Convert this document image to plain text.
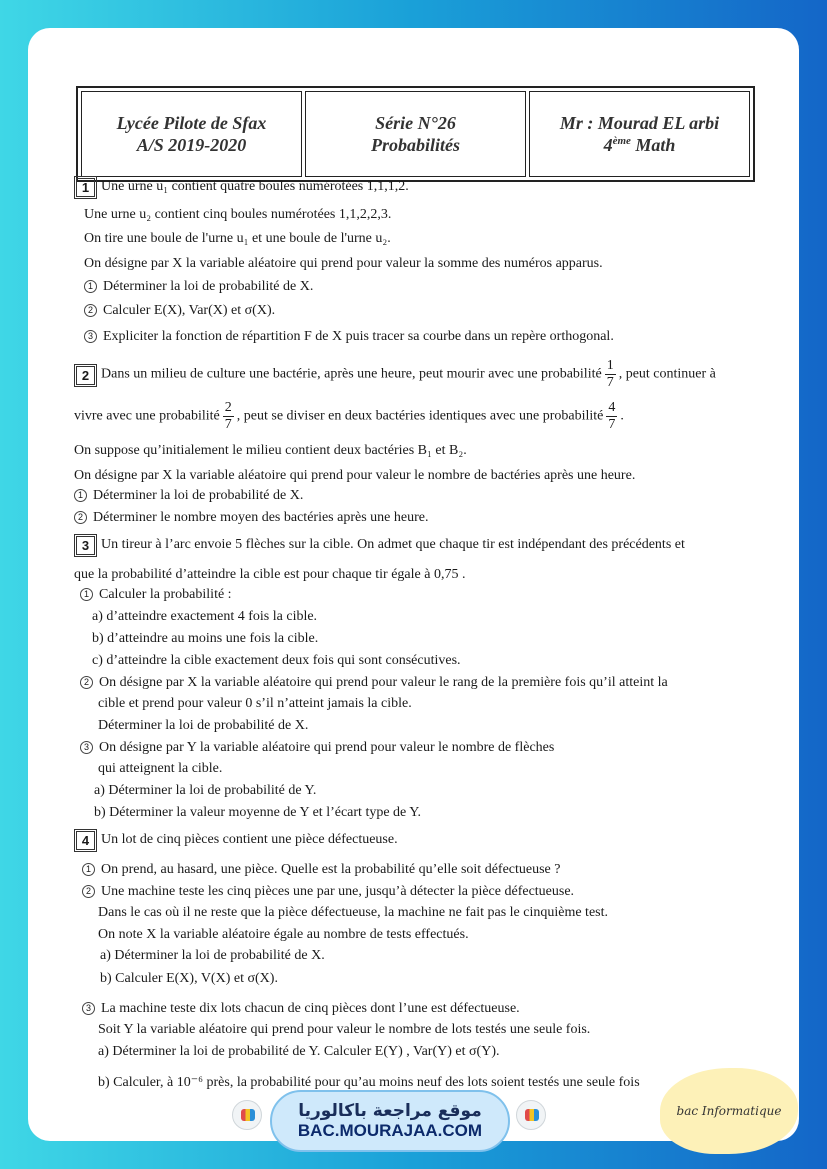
Lycée Pilote de Sfax
A/S 2019-2020
Série N°26
Probabilités
Mr : Mourad EL arbi
4ème Math
1 Une urne u₁ contient quatre boules numérotées 1,1,1,2.
Une urne u₂ contient cinq boules numérotées 1,1,2,2,3.
On tire une boule de l'urne u₁ et une boule de l'urne u₂.
On désigne par X la variable aléatoire qui prend pour valeur la somme des numéros apparus.
1 Déterminer la loi de probabilité de X.
2 Calculer E(X), Var(X) et σ(X).
3 Expliciter la fonction de répartition F de X puis tracer sa courbe dans un repère orthogonal.
2 Dans un milieu de culture une bactérie, après une heure, peut mourir avec une probabilité $\frac{1}{7}$ , peut continuer à
vivre avec une probabilité $\frac{2}{7}$ , peut se diviser en deux bactéries identiques avec une probabilité $\frac{4}{7}$ .
On suppose qu’initialement le milieu contient deux bactéries B₁ et B₂.
On désigne par X la variable aléatoire qui prend pour valeur le nombre de bactéries après une heure.
1 Déterminer la loi de probabilité de X.
2 Déterminer le nombre moyen des bactéries après une heure.
3 Un tireur à l’arc envoie 5 flèches sur la cible. On admet que chaque tir est indépendant des précédents et
que la probabilité d’atteindre la cible est pour chaque tir égale à 0,75 .
1 Calculer la probabilité :
a) d’atteindre exactement 4 fois la cible.
b) d’atteindre au moins une fois la cible.
c) d’atteindre la cible exactement deux fois qui sont consécutives.
2 On désigne par X la variable aléatoire qui prend pour valeur le rang de la première fois qu’il atteint la
cible et prend pour valeur 0 s’il n’atteint jamais la cible.
Déterminer la loi de probabilité de X.
3 On désigne par Y la variable aléatoire qui prend pour valeur le nombre de flèches
qui atteignent la cible.
a) Déterminer la loi de probabilité de Y.
b) Déterminer la valeur moyenne de Y et l’écart type de Y.
4 Un lot de cinq pièces contient une pièce défectueuse.
1 On prend, au hasard, une pièce. Quelle est la probabilité qu’elle soit défectueuse ?
2 Une machine teste les cinq pièces une par une, jusqu’à détecter la pièce défectueuse.
Dans le cas où il ne reste que la pièce défectueuse, la machine ne fait pas le cinquième test.
On note X la variable aléatoire égale au nombre de tests effectués.
a) Déterminer la loi de probabilité de X.
b) Calculer E(X), V(X) et σ(X).
3 La machine teste dix lots chacun de cinq pièces dont l’une est défectueuse.
Soit Y la variable aléatoire qui prend pour valeur le nombre de lots testés une seule fois.
a) Déterminer la loi de probabilité de Y. Calculer E(Y) , Var(Y) et σ(Y).
b) Calculer, à 10⁻⁶ près, la probabilité pour qu’au moins neuf des lots soient testés une seule fois
موقع مراجعة باكالوريا
BAC.MOURAJAA.COM
bac Informatique
